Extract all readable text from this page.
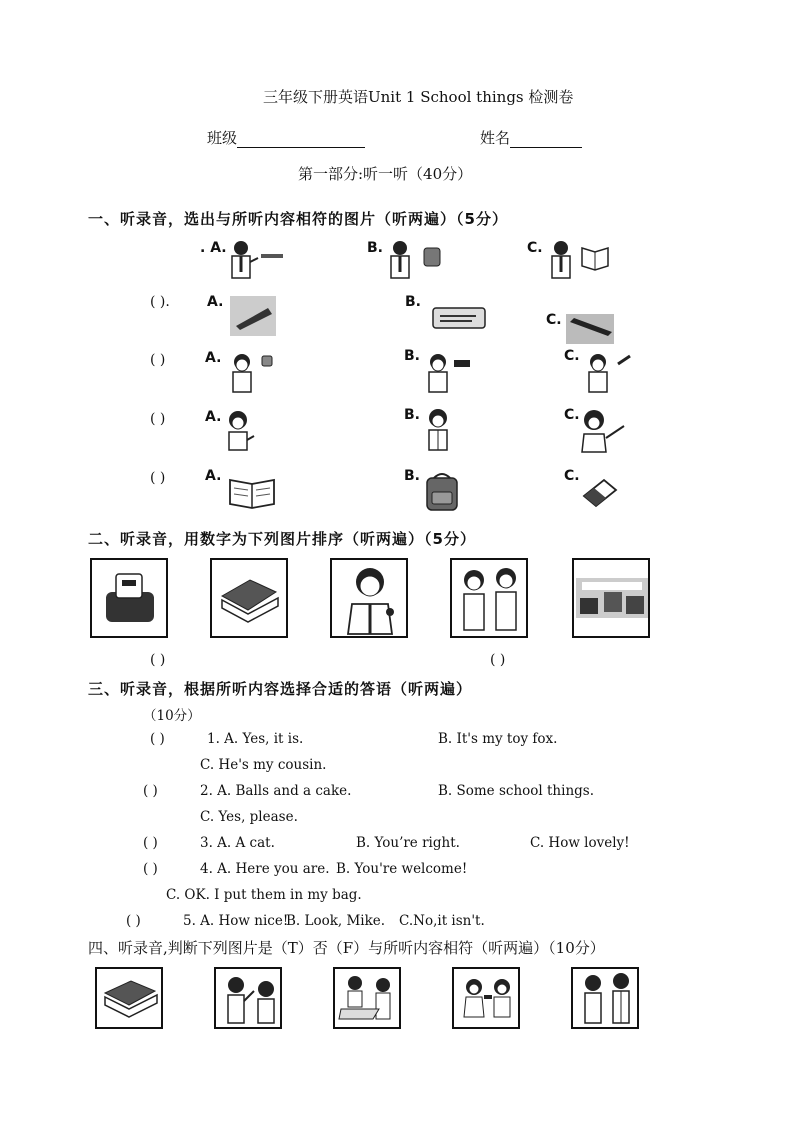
三年级下册英语Unit 1 School things 检测卷
班级	姓名
第一部分:听一听（40分）
一、听录音，选出与所听内容相符的图片（听两遍）（5分）
. A.	B.	C.
( ).	A.	B.
C.
( )	A.	B.	C.
( )	A.	B.	C.
( )	A.	B.	C.
二、听录音，用数字为下列图片排序（听两遍）（5分）
( )	( )
三、听录音，根据所听内容选择合适的答语（听两遍）
（10分）
( )	1. A. Yes, it is.	B. It's my toy fox.
C. He's my cousin.
( )	2. A. Balls and a cake.	B. Some school things.
C. Yes, please.
( )	3. A. A cat.	B. You’re right.	C. How lovely!
( )	4. A. Here you are. B. You're welcome!
C. OK. I put them in my bag.
( )	5. A. How nice!
B. Look, Mike. C.No,it isn't.
四、听录音,判断下列图片是（T）否（F）与所听内容相符（听两遍）（10分）
